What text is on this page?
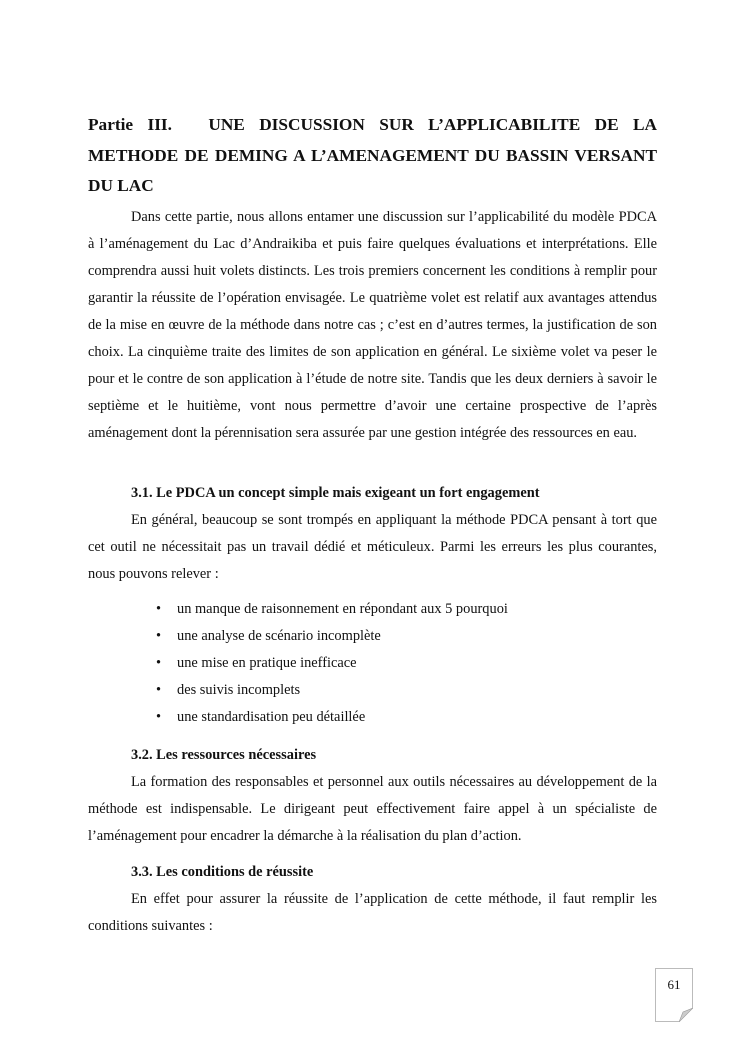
Partie III. UNE DISCUSSION SUR L’APPLICABILITE DE LA METHODE DE DEMING A L’AMENAGEMENT DU BASSIN VERSANT DU LAC

Dans cette partie, nous allons entamer une discussion sur l’applicabilité du modèle PDCA à l’aménagement du Lac d’Andraikiba et puis faire quelques évaluations et interprétations. Elle comprendra aussi huit volets distincts. Les trois premiers concernent les conditions à remplir pour garantir la réussite de l’opération envisagée. Le quatrième volet est relatif aux avantages attendus de la mise en œuvre de la méthode dans notre cas ; c’est en d’autres termes, la justification de son choix. La cinquième traite des limites de son application en général. Le sixième volet va peser le pour et le contre de son application à l’étude de notre site. Tandis que les deux derniers à savoir le septième et le huitième, vont nous permettre d’avoir une certaine prospective de l’après aménagement dont la pérennisation sera assurée par une gestion intégrée des ressources en eau.

3.1. Le PDCA un concept simple mais exigeant un fort engagement

En général, beaucoup se sont trompés en appliquant la méthode PDCA pensant à tort que cet outil ne nécessitait pas un travail dédié et méticuleux. Parmi les erreurs les plus courantes, nous pouvons relever :

• un manque de raisonnement en répondant aux 5 pourquoi
• une analyse de scénario incomplète
• une mise en pratique inefficace
• des suivis incomplets
• une standardisation peu détaillée
3.2. Les ressources nécessaires

La formation des responsables et personnel aux outils nécessaires au développement de la méthode est indispensable. Le dirigeant peut effectivement faire appel à un spécialiste de l’aménagement pour encadrer la démarche à la réalisation du plan d’action.

3.3. Les conditions de réussite

En effet pour assurer la réussite de l’application de cette méthode, il faut remplir les conditions suivantes :

61
